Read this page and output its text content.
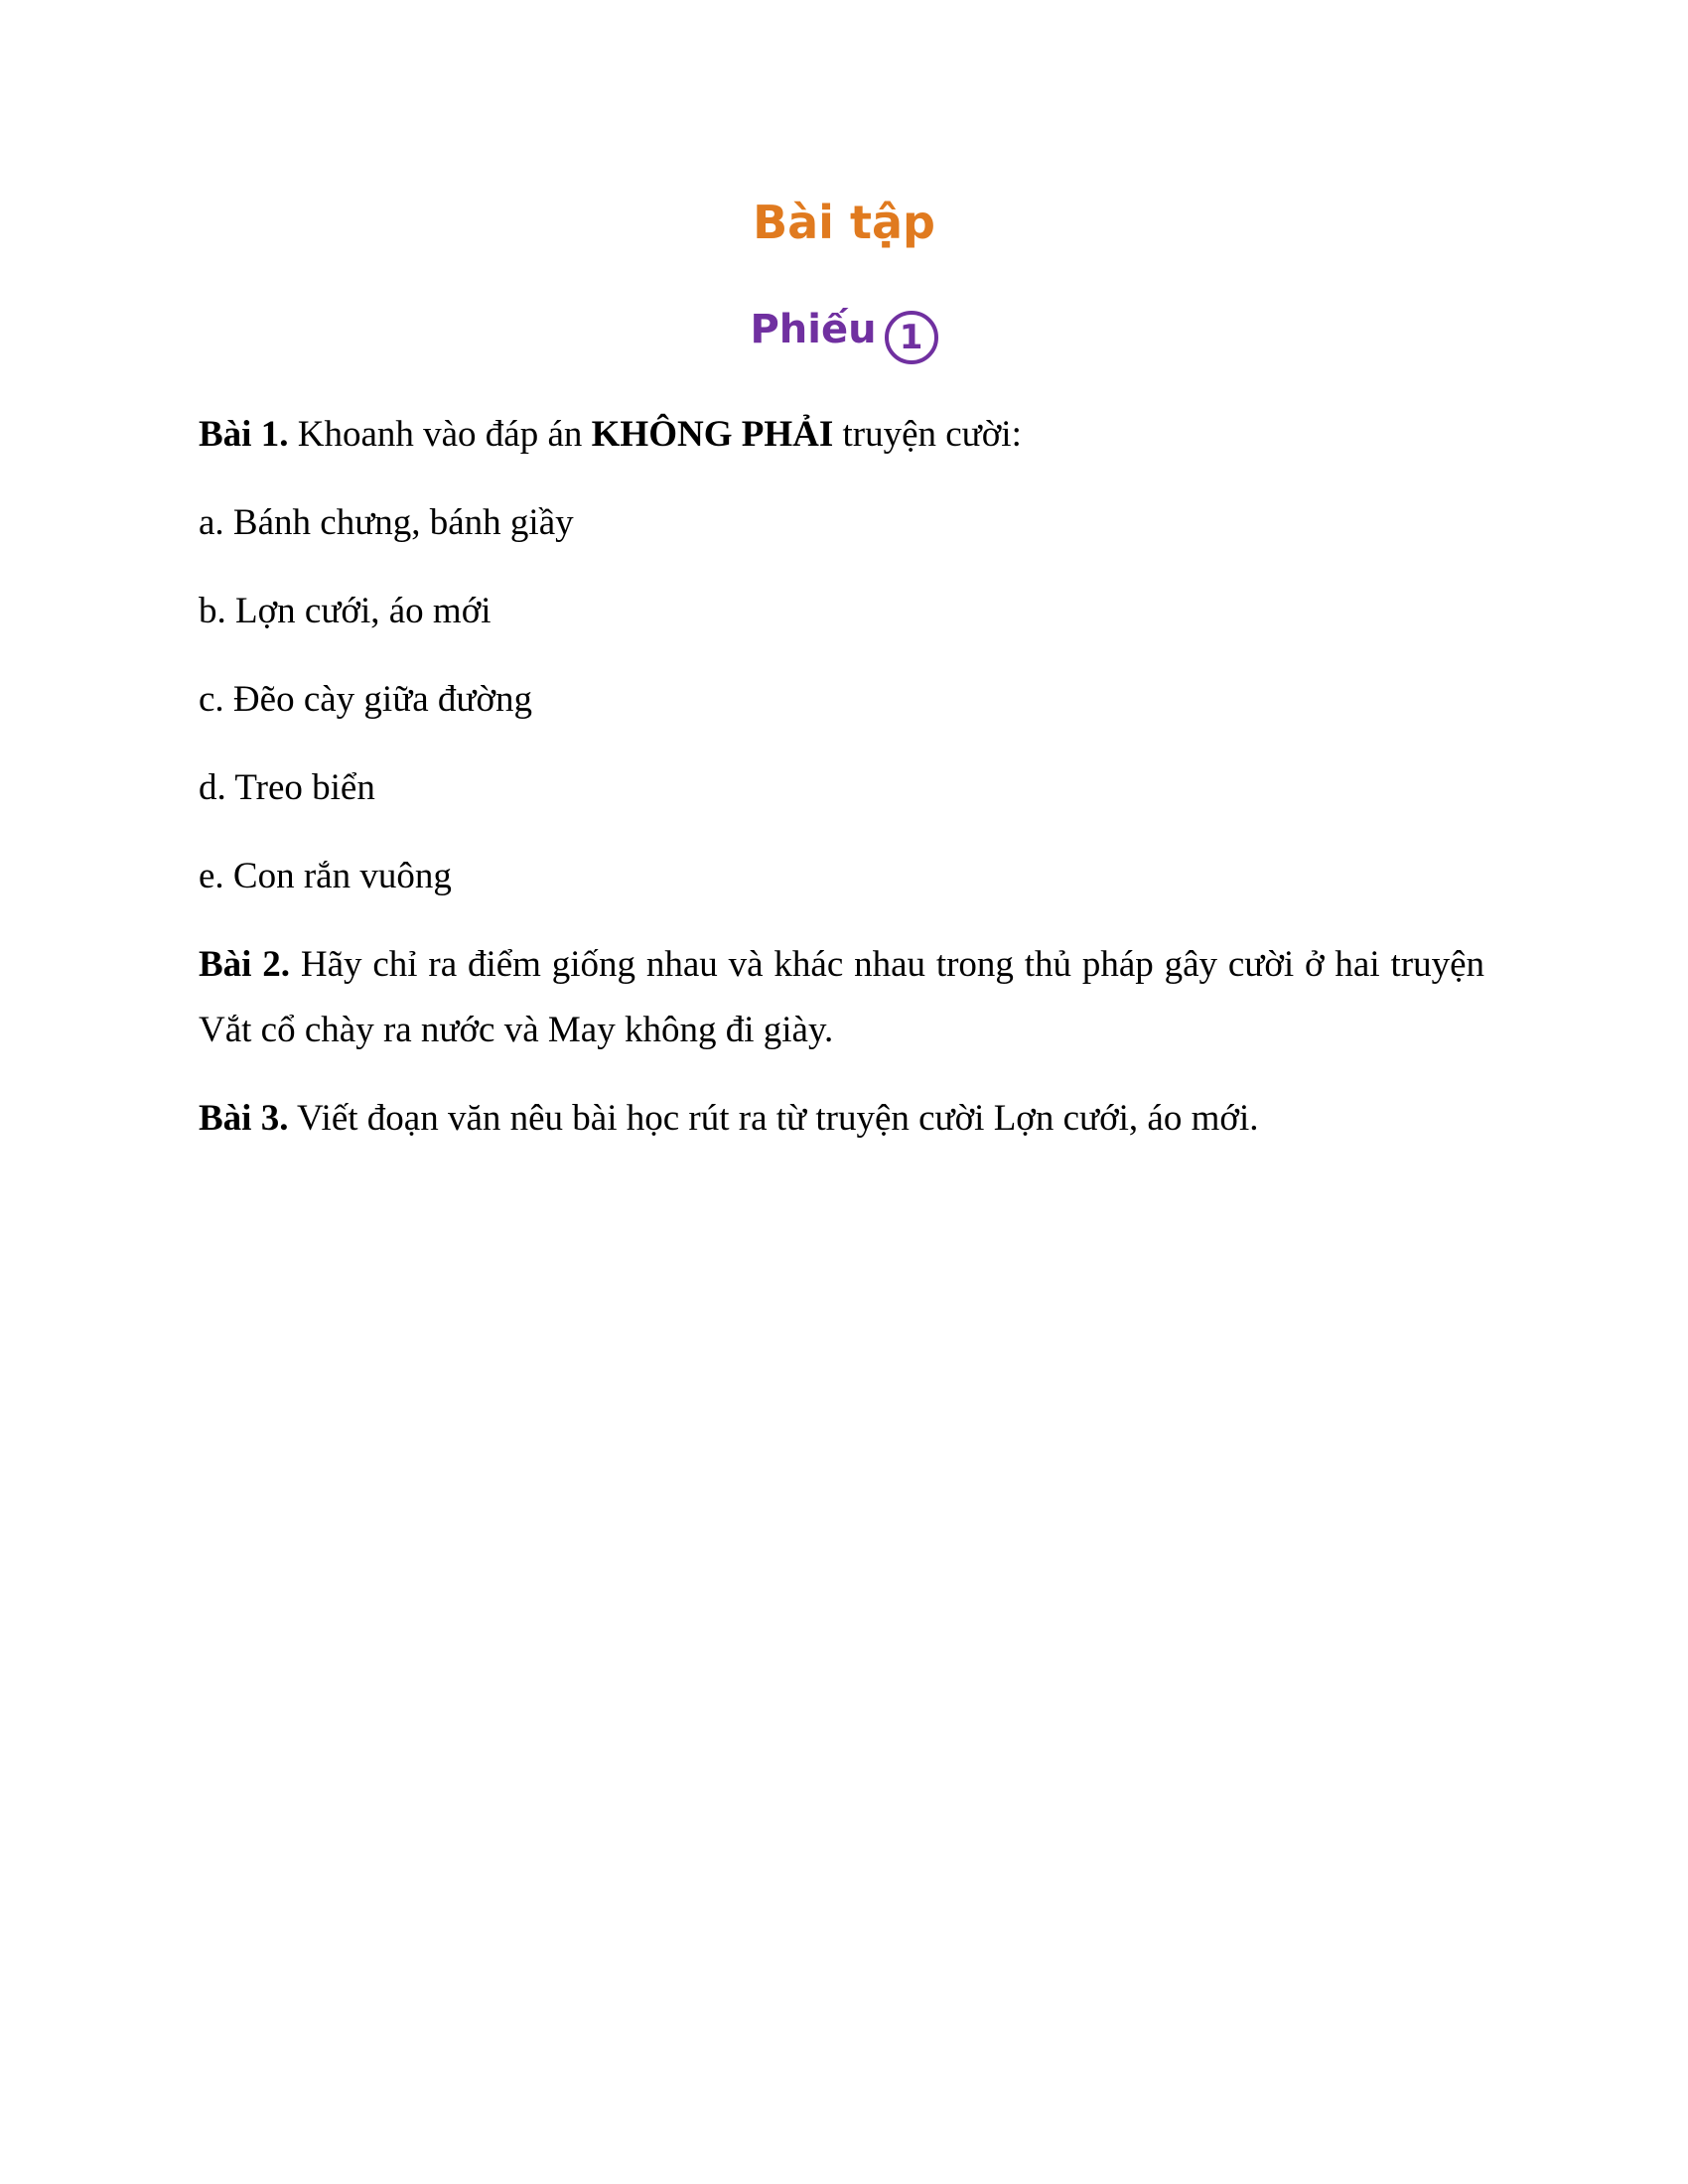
Bài tập
Phiếu 1

Bài 1. Khoanh vào đáp án KHÔNG PHẢI truyện cười:

a. Bánh chưng, bánh giầy

b. Lợn cưới, áo mới

c. Đẽo cày giữa đường

d. Treo biển

e. Con rắn vuông

Bài 2. Hãy chỉ ra điểm giống nhau và khác nhau trong thủ pháp gây cười ở hai truyện Vắt cổ chày ra nước và May không đi giày.

Bài 3. Viết đoạn văn nêu bài học rút ra từ truyện cười Lợn cưới, áo mới.
